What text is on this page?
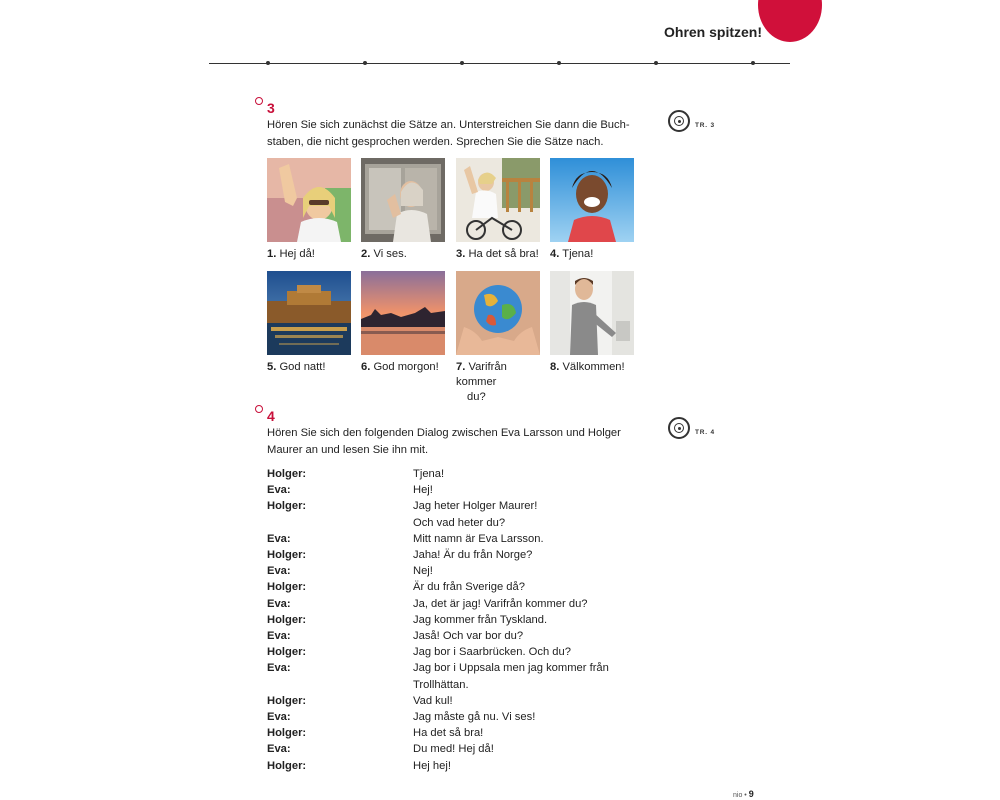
Ohren spitzen!
3
Hören Sie sich zunächst die Sätze an. Unterstreichen Sie dann die Buch-
staben, die nicht gesprochen werden. Sprechen Sie die Sätze nach.
TR. 3
1. Hej då!	2. Vi ses.	3. Ha det så bra!	4. Tjena!
5. God natt!	6. God morgon!	7. Varifrån kommer
du?
8. Välkommen!
4
Hören Sie sich den folgenden Dialog zwischen Eva Larsson und Holger
Maurer an und lesen Sie ihn mit.
TR. 4
Holger:	Tjena!
Eva:	Hej!
Holger:	Jag heter Holger Maurer!
Och vad heter du?
Eva:	Mitt namn är Eva Larsson.
Holger:	Jaha! Är du från Norge?
Eva:	Nej!
Holger:	Är du från Sverige då?
Eva:	Ja, det är jag! Varifrån kommer du?
Holger:	Jag kommer från Tyskland.
Eva:	Jaså! Och var bor du?
Holger:	Jag bor i Saarbrücken. Och du?
Eva:	Jag bor i Uppsala men jag kommer från
Trollhättan.
Holger:	Vad kul!
Eva:	Jag måste gå nu. Vi ses!
Holger:	Ha det så bra!
Eva:	Du med! Hej då!
Holger:	Hej hej!
nio • 9
